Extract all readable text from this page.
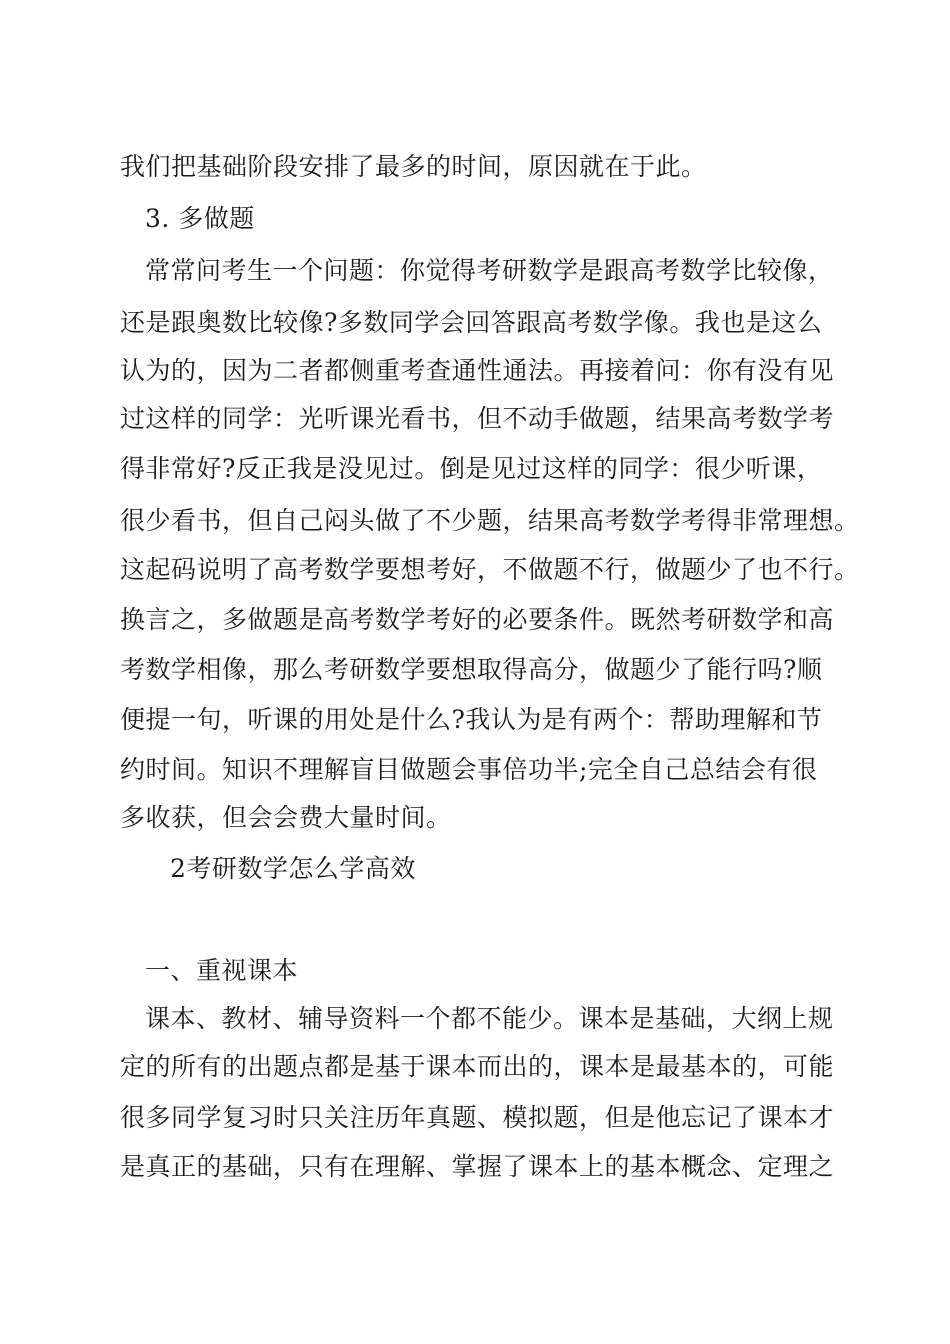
我们把基础阶段安排了最多的时间，原因就在于此。
3. 多做题
常常问考生一个问题：你觉得考研数学是跟高考数学比较像，
还是跟奥数比较像?多数同学会回答跟高考数学像。我也是这么
认为的，因为二者都侧重考查通性通法。再接着问：你有没有见
过这样的同学：光听课光看书，但不动手做题，结果高考数学考
得非常好?反正我是没见过。倒是见过这样的同学：很少听课，
很少看书，但自己闷头做了不少题，结果高考数学考得非常理想。
这起码说明了高考数学要想考好，不做题不行，做题少了也不行。
换言之，多做题是高考数学考好的必要条件。既然考研数学和高
考数学相像，那么考研数学要想取得高分，做题少了能行吗?顺
便提一句，听课的用处是什么?我认为是有两个：帮助理解和节
约时间。知识不理解盲目做题会事倍功半;完全自己总结会有很
多收获，但会会费大量时间。
2考研数学怎么学高效
一、重视课本
课本、教材、辅导资料一个都不能少。课本是基础，大纲上规
定的所有的出题点都是基于课本而出的，课本是最基本的，可能
很多同学复习时只关注历年真题、模拟题，但是他忘记了课本才
是真正的基础，只有在理解、掌握了课本上的基本概念、定理之
